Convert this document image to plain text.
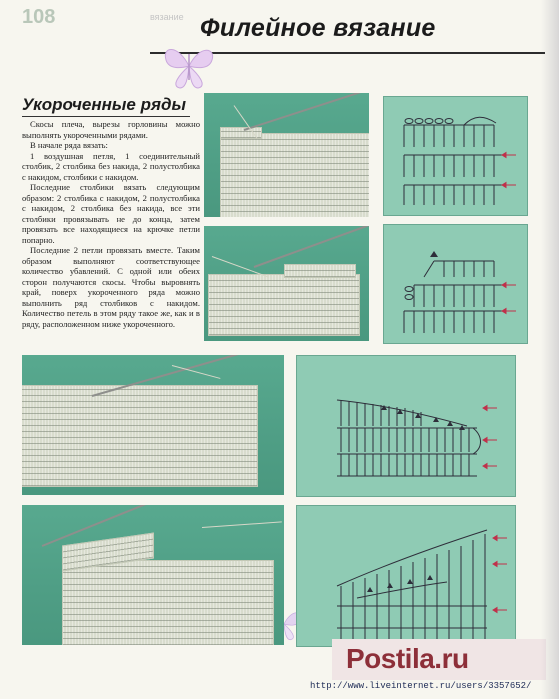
108	вязание Филейное вязание
Укороченные ряды

Скосы плеча, вырезы горловины можно выполнять укороченными рядами.

В начале ряда вязать:

1 воздушная петля, 1 соединительный столбик, 2 столбика без накида, 2 полустолбика с накидом, столбики с накидом.

Последние столбики вязать следующим образом: 2 столбика с накидом, 2 полустолбика с накидом, 2 столбика без накида, все эти столбики провязывать не до конца, затем провязать все находящиеся на крючке петли попарно.

Последние 2 петли провязать вместе. Таким образом выполняют соответствующее количество убавлений. С одной или обеих сторон получаются скосы. Чтобы выровнять край, поверх укороченного ряда можно выполнить ряд столбиков с накидом. Количество петель в этом ряду такое же, как и в ряду, расположенном ниже укороченного.

Postila.ru
http://www.liveinternet.ru/users/3357652/
